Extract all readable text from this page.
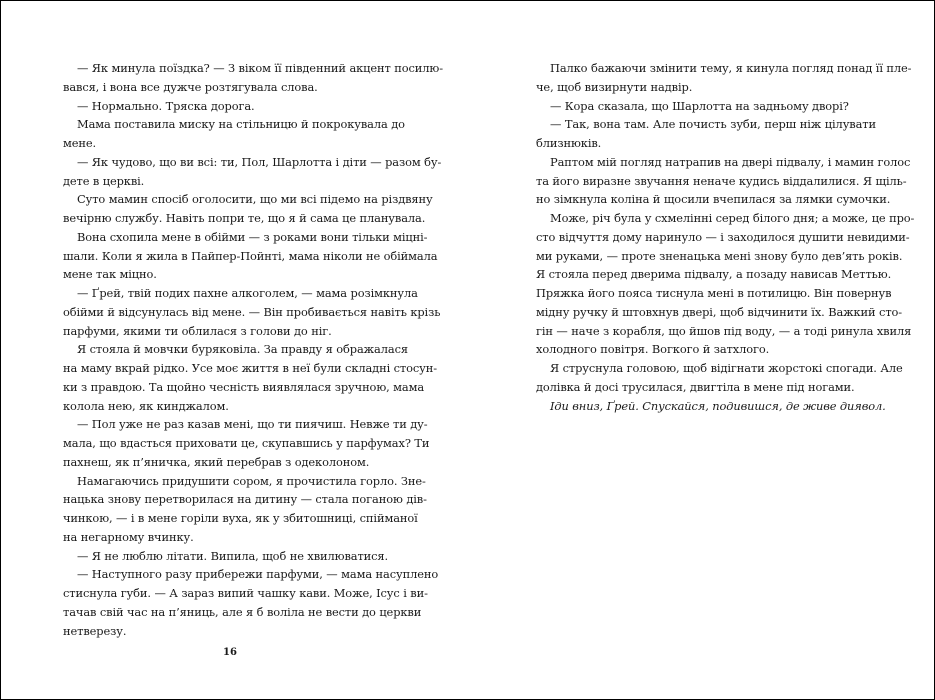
— Як минула поїздка? — З віком її південний акцент посилю-
вався, і вона все дужче розтягувала слова.
— Нормально. Тряска дорога.
Мама поставила миску на стільницю й покрокувала до
мене.
— Як чудово, що ви всі: ти, Пол, Шарлотта і діти — разом бу-
дете в церкві.
Суто мамин спосіб оголосити, що ми всі підемо на різдвяну
вечірню службу. Навіть попри те, що я й сама це планувала.
Вона схопила мене в обійми — з роками вони тільки міцні-
шали. Коли я жила в Пайпер-Пойнті, мама ніколи не обіймала
мене так міцно.
— Ґрей, твій подих пахне алкоголем, — мама розімкнула
обійми й відсунулась від мене. — Він пробивається навіть крізь
парфуми, якими ти облилася з голови до ніг.
Я стояла й мовчки буряковіла. За правду я ображалася
на маму вкрай рідко. Усе моє життя в неї були складні стосун-
ки з правдою. Та щойно чесність виявлялася зручною, мама
колола нею, як кинджалом.
— Пол уже не раз казав мені, що ти пиячиш. Невже ти ду-
мала, що вдасться приховати це, скупавшись у парфумах? Ти
пахнеш, як п’яничка, який перебрав з одеколоном.
Намагаючись придушити сором, я прочистила горло. Зне-
нацька знову перетворилася на дитину — стала поганою дів-
чинкою, — і в мене горіли вуха, як у збитошниці, спійманої
на негарному вчинку.
— Я не люблю літати. Випила, щоб не хвилюватися.
— Наступного разу прибережи парфуми, — мама насуплено
стиснула губи. — А зараз випий чашку кави. Може, Ісус і ви-
тачав свій час на п’яниць, але я б воліла не вести до церкви
нетверезу.
Палко бажаючи змінити тему, я кинула погляд понад її пле-
че, щоб визирнути надвір.
— Кора сказала, що Шарлотта на задньому дворі?
— Так, вона там. Але почисть зуби, перш ніж цілувати
близнюків.
Раптом мій погляд натрапив на двері підвалу, і мамин голос
та його виразне звучання неначе кудись віддалилися. Я щіль-
но зімкнула коліна й щосили вчепилася за лямки сумочки.
Може, річ була у схмелінні серед білого дня; а може, це про-
сто відчуття дому наринуло — і заходилося душити невидими-
ми руками, — проте зненацька мені знову було дев’ять років.
Я стояла перед дверима підвалу, а позаду нависав Меттью.
Пряжка його пояса тиснула мені в потилицю. Він повернув
мідну ручку й штовхнув двері, щоб відчинити їх. Важкий сто-
гін — наче з корабля, що йшов під воду, — а тоді ринула хвиля
холодного повітря. Вогкого й затхлого.
Я струснула головою, щоб відігнати жорстокі спогади. Але
долівка й досі трусилася, двигтіла в мене під ногами.
Іди вниз, Ґрей. Спускайся, подивишся, де живе диявол.
16
